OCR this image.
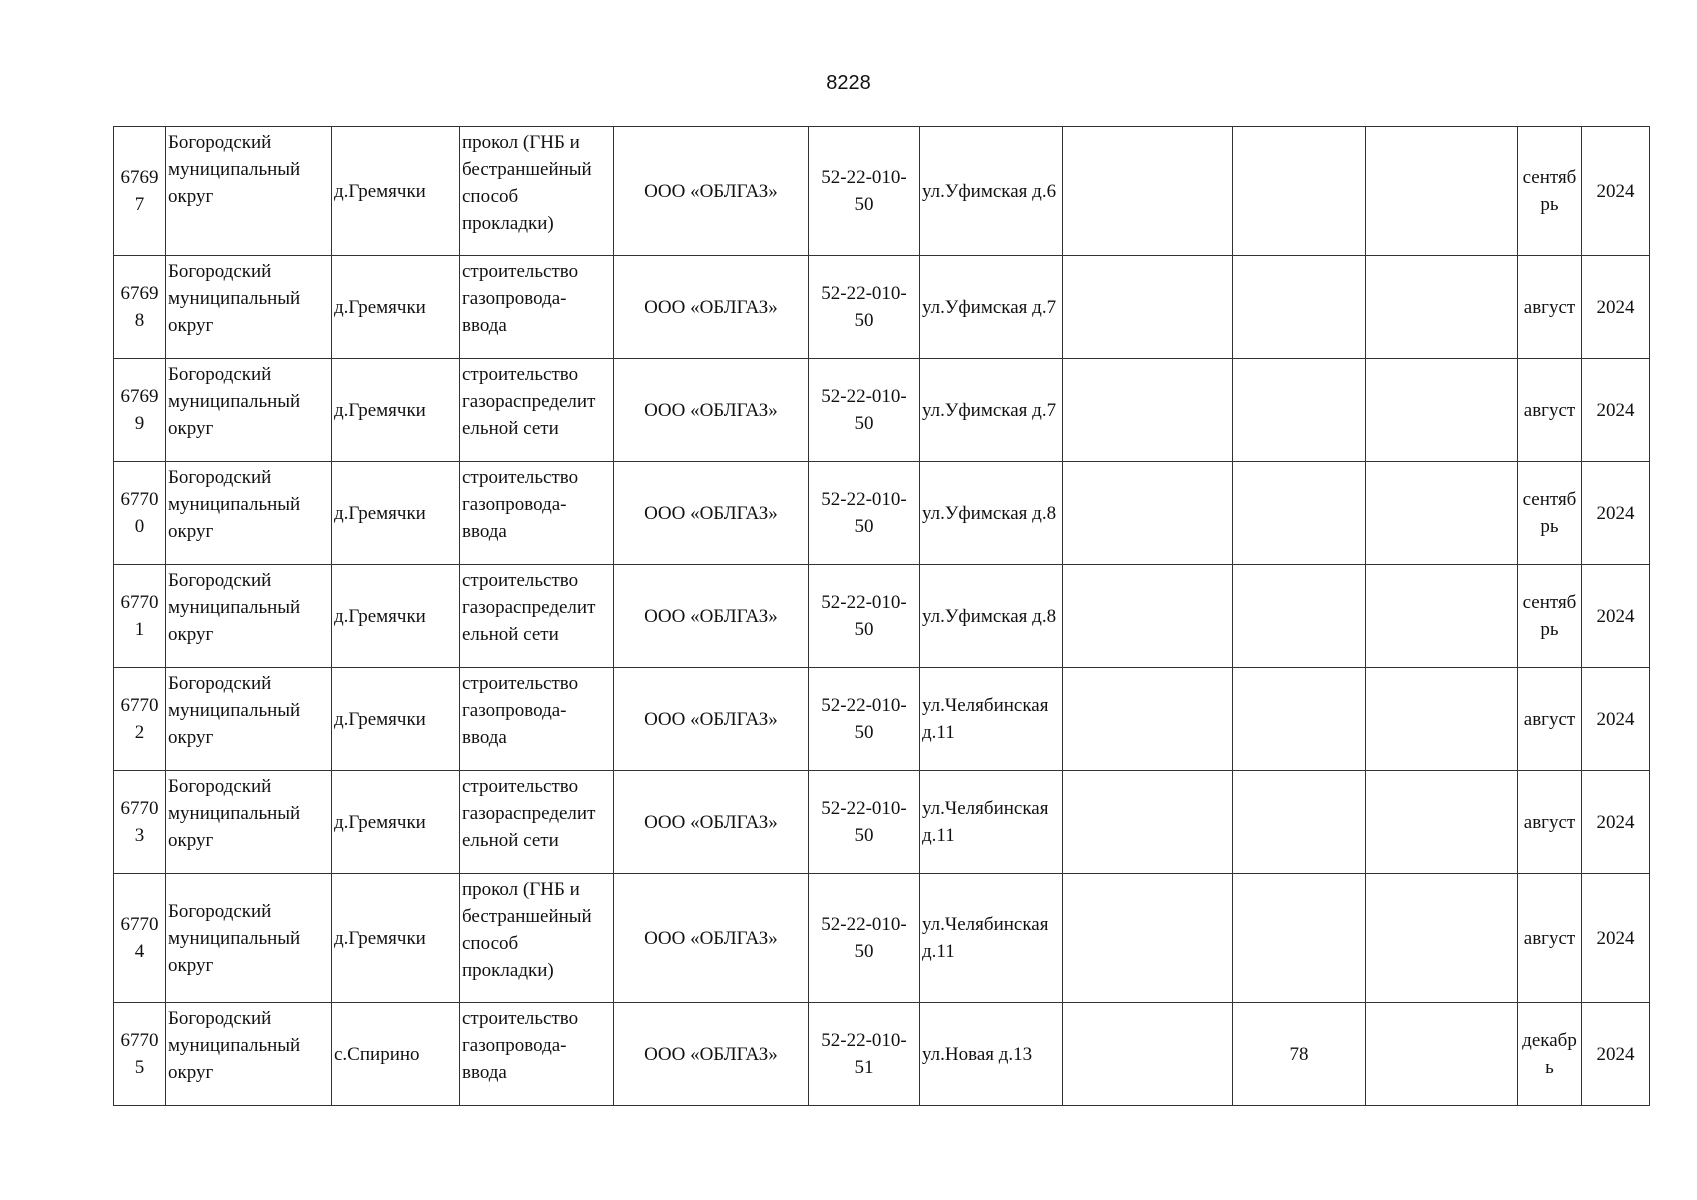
8228
6769 7	Богородский муниципальный округ	д.Гремячки	прокол (ГНБ и бестраншейный способ прокладки)	ООО «ОБЛГАЗ»	52-22-010- 50	ул.Уфимская д.6				сентяб рь	2024
6769 8	Богородский муниципальный округ	д.Гремячки	строительство газопровода- ввода	ООО «ОБЛГАЗ»	52-22-010- 50	ул.Уфимская д.7				август	2024
6769 9	Богородский муниципальный округ	д.Гремячки	строительство газораспределит ельной сети	ООО «ОБЛГАЗ»	52-22-010- 50	ул.Уфимская д.7				август	2024
6770 0	Богородский муниципальный округ	д.Гремячки	строительство газопровода- ввода	ООО «ОБЛГАЗ»	52-22-010- 50	ул.Уфимская д.8				сентяб рь	2024
6770 1	Богородский муниципальный округ	д.Гремячки	строительство газораспределит ельной сети	ООО «ОБЛГАЗ»	52-22-010- 50	ул.Уфимская д.8				сентяб рь	2024
6770 2	Богородский муниципальный округ	д.Гремячки	строительство газопровода- ввода	ООО «ОБЛГАЗ»	52-22-010- 50	ул.Челябинская д.11				август	2024
6770 3	Богородский муниципальный округ	д.Гремячки	строительство газораспределит ельной сети	ООО «ОБЛГАЗ»	52-22-010- 50	ул.Челябинская д.11				август	2024
6770 4	Богородский муниципальный округ	д.Гремячки	прокол (ГНБ и бестраншейный способ прокладки)	ООО «ОБЛГАЗ»	52-22-010- 50	ул.Челябинская д.11				август	2024
6770 5	Богородский муниципальный округ	с.Спирино	строительство газопровода- ввода	ООО «ОБЛГАЗ»	52-22-010- 51	ул.Новая д.13		78		декабр ь	2024
